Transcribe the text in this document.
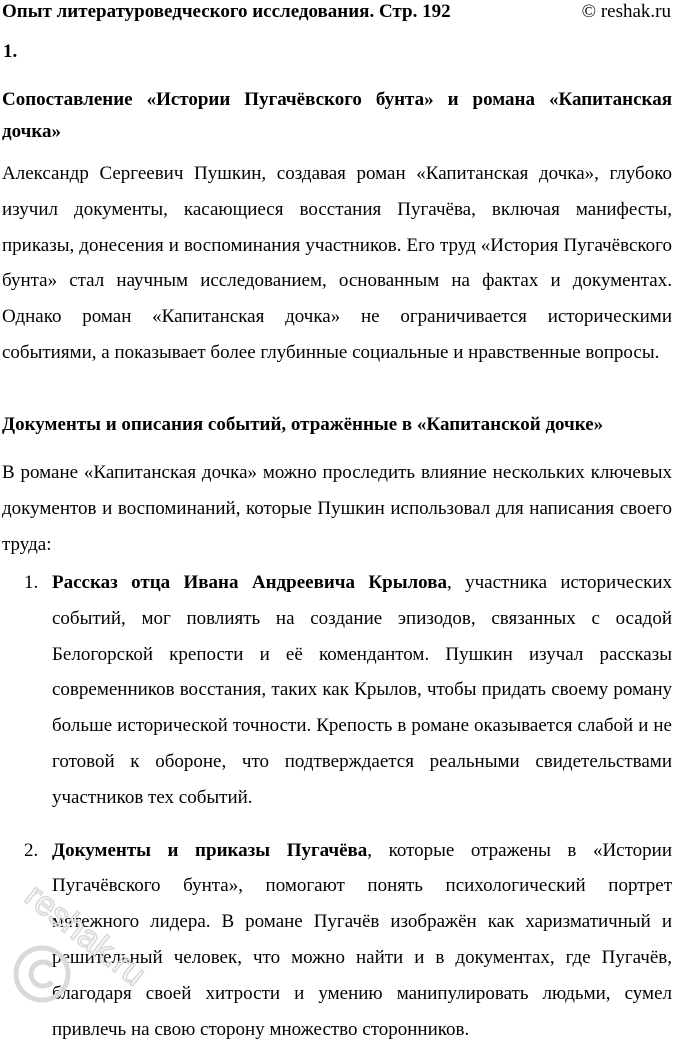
Опыт литературоведческого исследования. Стр. 192	© reshak.ru
1.
Сопоставление «Истории Пугачёвского бунта» и романа «Капитанская дочка»
Александр Сергеевич Пушкин, создавая роман «Капитанская дочка», глубоко изучил документы, касающиеся восстания Пугачёва, включая манифесты, приказы, донесения и воспоминания участников. Его труд «История Пугачёвского бунта» стал научным исследованием, основанным на фактах и документах. Однако роман «Капитанская дочка» не ограничивается историческими событиями, а показывает более глубинные социальные и нравственные вопросы.
Документы и описания событий, отражённые в «Капитанской дочке»
В романе «Капитанская дочка» можно проследить влияние нескольких ключевых документов и воспоминаний, которые Пушкин использовал для написания своего труда:
1. Рассказ отца Ивана Андреевича Крылова, участника исторических событий, мог повлиять на создание эпизодов, связанных с осадой Белогорской крепости и её комендантом. Пушкин изучал рассказы современников восстания, таких как Крылов, чтобы придать своему роману больше исторической точности. Крепость в романе оказывается слабой и не готовой к обороне, что подтверждается реальными свидетельствами участников тех событий.
2. Документы и приказы Пугачёва, которые отражены в «Истории Пугачёвского бунта», помогают понять психологический портрет мятежного лидера. В романе Пугачёв изображён как харизматичный и решительный человек, что можно найти и в документах, где Пугачёв, благодаря своей хитрости и умению манипулировать людьми, сумел привлечь на свою сторону множество сторонников.
reshak.ru
